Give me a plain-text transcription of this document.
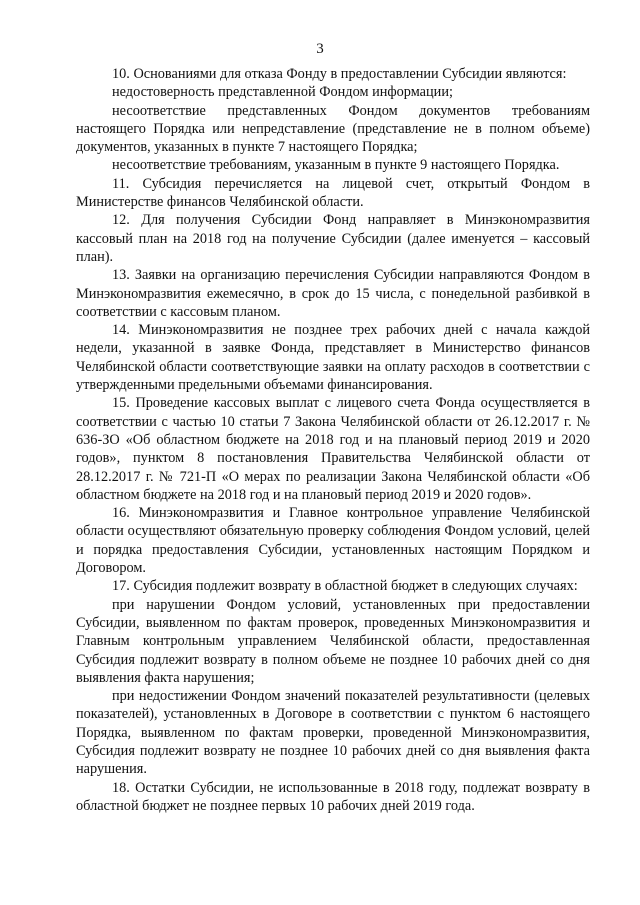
3

10. Основаниями для отказа Фонду в предоставлении Субсидии являются:

недостоверность представленной Фондом информации;

несоответствие представленных Фондом документов требованиям настоящего Порядка или непредставление (представление не в полном объеме) документов, указанных в пункте 7 настоящего Порядка;

несоответствие требованиям, указанным в пункте 9 настоящего Порядка.

11. Субсидия перечисляется на лицевой счет, открытый Фондом в Министерстве финансов Челябинской области.

12. Для получения Субсидии Фонд направляет в Минэкономразвития кассовый план на 2018 год на получение Субсидии (далее именуется – кассовый план).

13. Заявки на организацию перечисления Субсидии направляются Фондом в Минэкономразвития ежемесячно, в срок до 15 числа, с понедельной разбивкой в соответствии с кассовым планом.

14. Минэкономразвития не позднее трех рабочих дней с начала каждой недели, указанной в заявке Фонда, представляет в Министерство финансов Челябинской области соответствующие заявки на оплату расходов в соответствии с утвержденными предельными объемами финансирования.

15. Проведение кассовых выплат с лицевого счета Фонда осуществляется в соответствии с частью 10 статьи 7 Закона Челябинской области от 26.12.2017 г. № 636-ЗО «Об областном бюджете на 2018 год и на плановый период 2019 и 2020 годов», пунктом 8 постановления Правительства Челябинской области от 28.12.2017 г. № 721-П «О мерах по реализации Закона Челябинской области «Об областном бюджете на 2018 год и на плановый период 2019 и 2020 годов».

16. Минэкономразвития и Главное контрольное управление Челябинской области осуществляют обязательную проверку соблюдения Фондом условий, целей и порядка предоставления Субсидии, установленных настоящим Порядком и Договором.

17. Субсидия подлежит возврату в областной бюджет в следующих случаях:

при нарушении Фондом условий, установленных при предоставлении Субсидии, выявленном по фактам проверок, проведенных Минэкономразвития и Главным контрольным управлением Челябинской области, предоставленная Субсидия подлежит возврату в полном объеме не позднее 10 рабочих дней со дня выявления факта нарушения;

при недостижении Фондом значений показателей результативности (целевых показателей), установленных в Договоре в соответствии с пунктом 6 настоящего Порядка, выявленном по фактам проверки, проведенной Минэкономразвития, Субсидия подлежит возврату не позднее 10 рабочих дней со дня выявления факта нарушения.

18. Остатки Субсидии, не использованные в 2018 году, подлежат возврату в областной бюджет не позднее первых 10 рабочих дней 2019 года.
